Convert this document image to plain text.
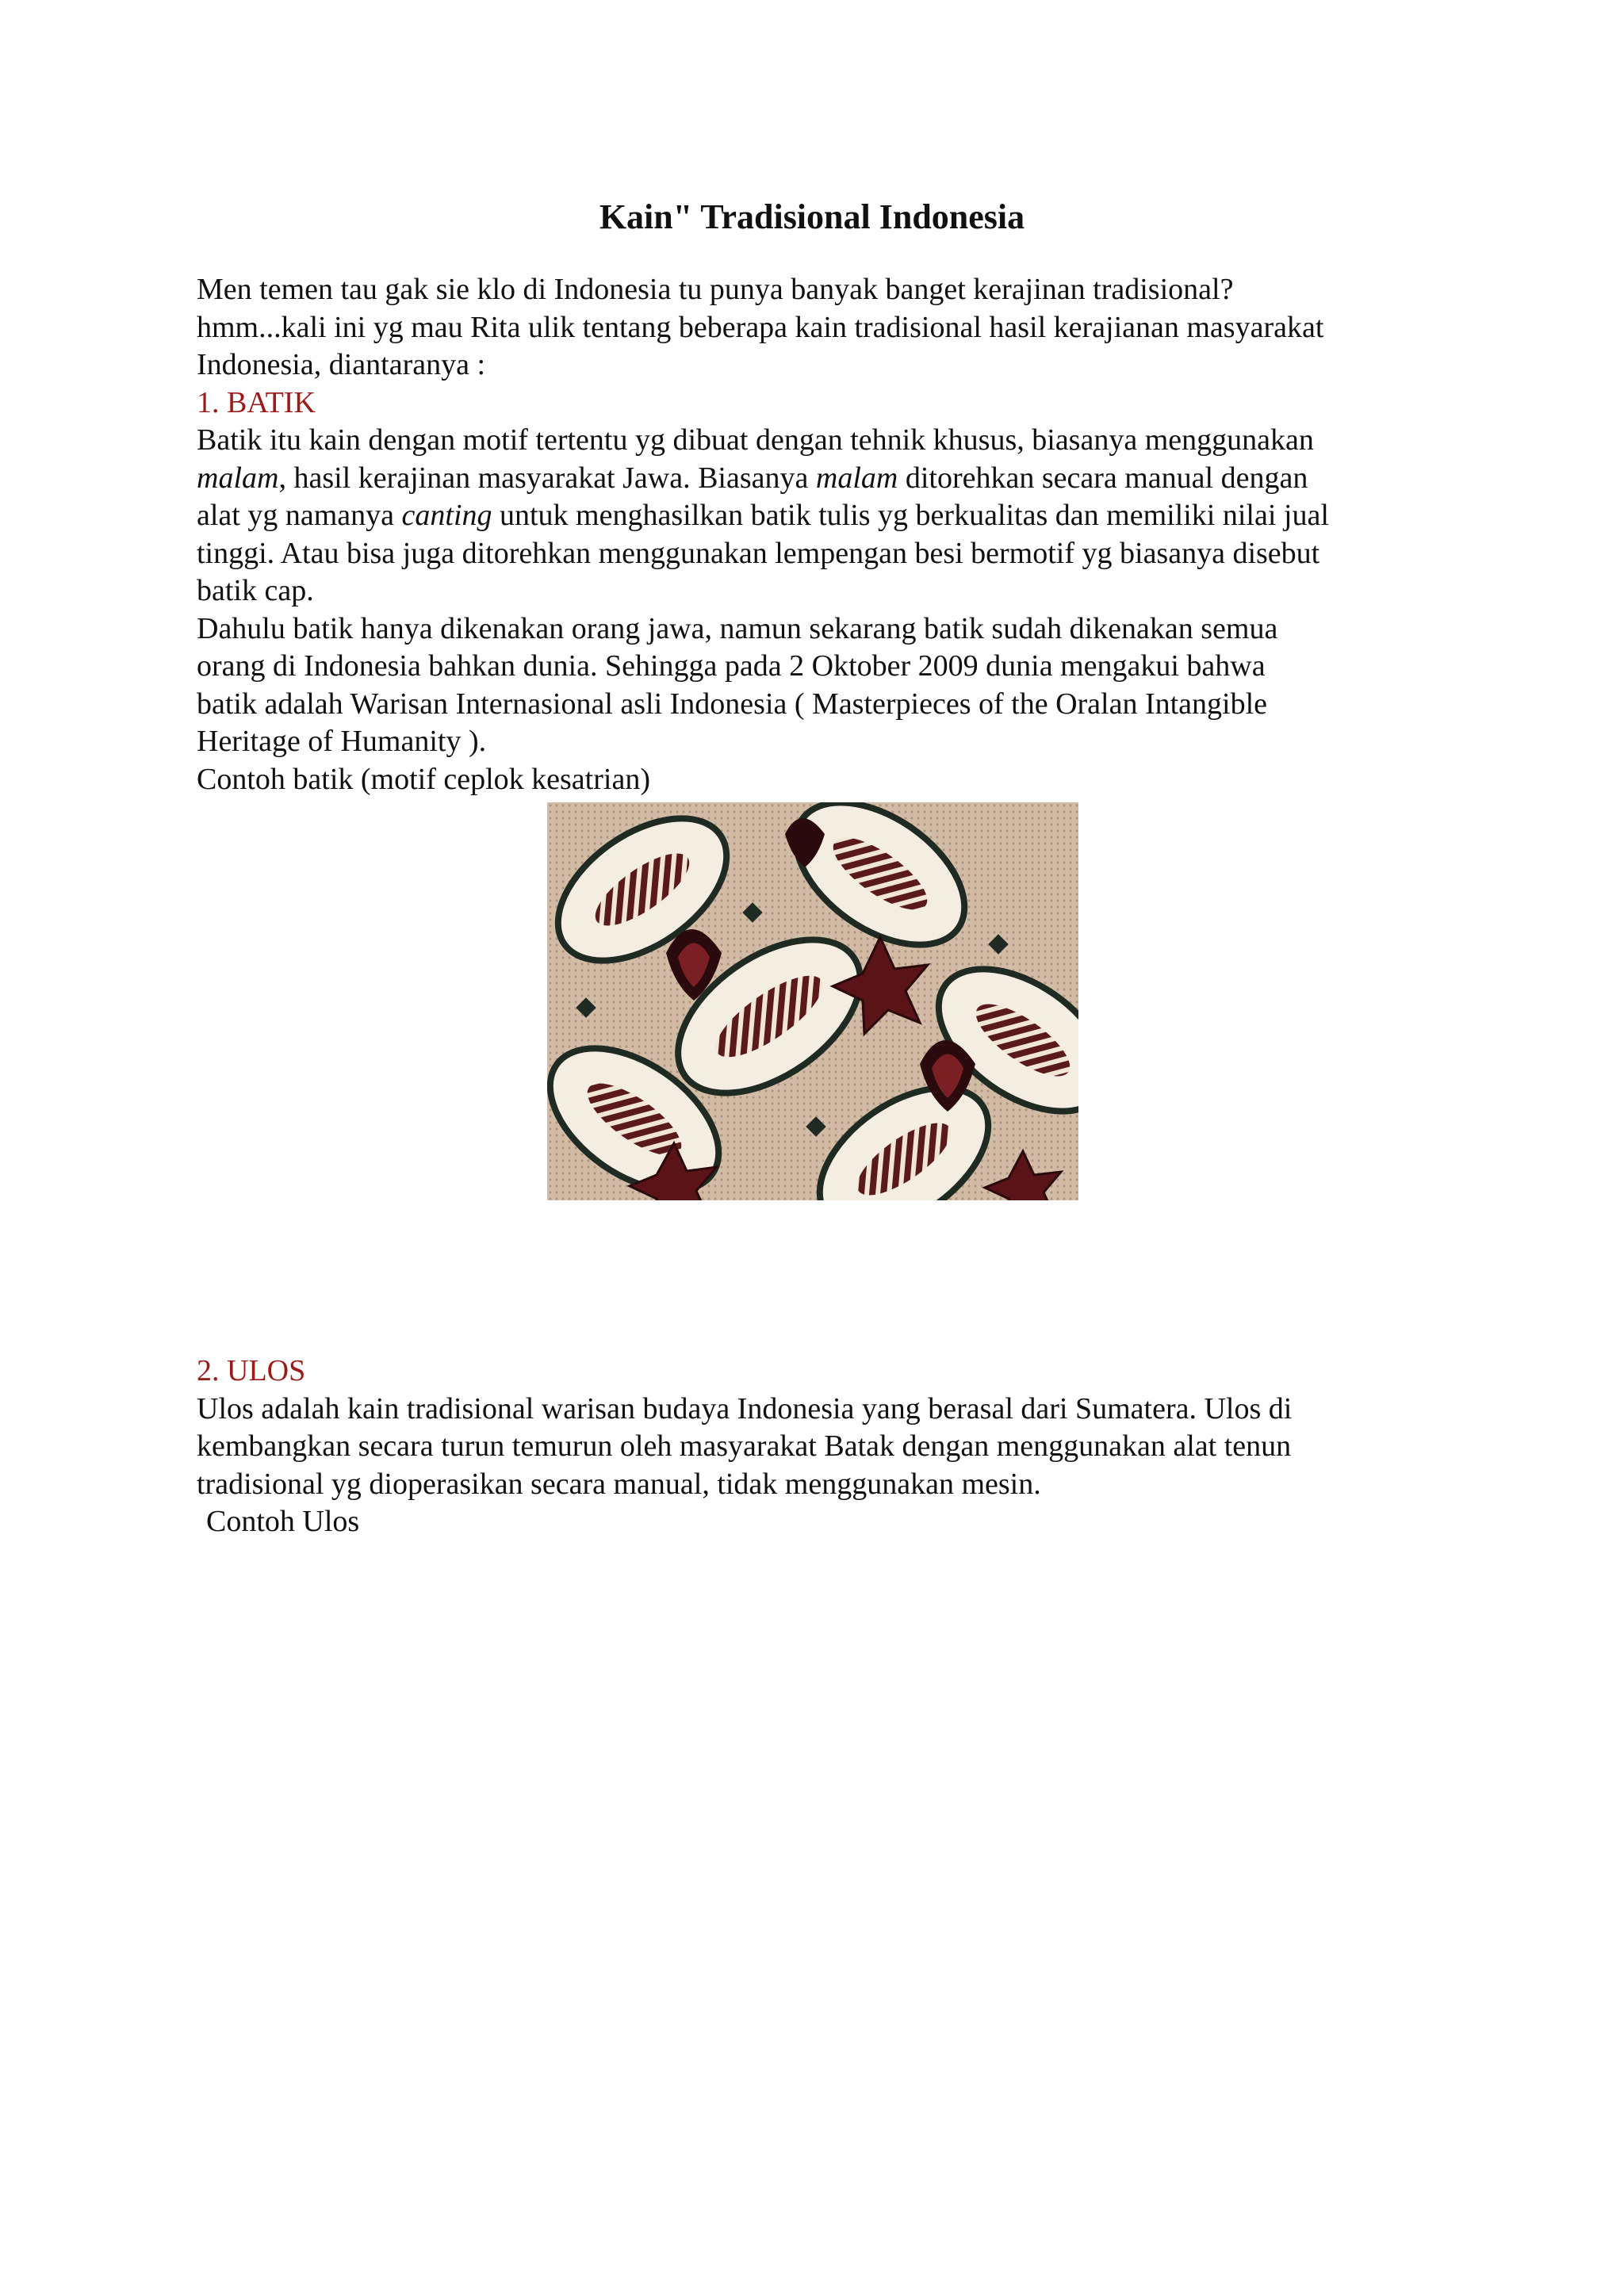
Kain" Tradisional Indonesia

Men temen tau gak sie klo di Indonesia tu punya banyak banget kerajinan tradisional?

hmm...kali ini yg mau Rita ulik tentang beberapa kain tradisional hasil kerajianan masyarakat

Indonesia, diantaranya :

1. BATIK

Batik itu kain dengan motif tertentu yg dibuat dengan tehnik khusus, biasanya menggunakan

malam, hasil kerajinan masyarakat Jawa. Biasanya malam ditorehkan secara manual dengan

alat yg namanya canting untuk menghasilkan batik tulis yg berkualitas dan memiliki nilai jual

tinggi. Atau bisa juga ditorehkan menggunakan lempengan besi bermotif yg biasanya disebut

batik cap.

Dahulu batik hanya dikenakan orang jawa, namun sekarang batik sudah dikenakan semua

orang di Indonesia bahkan dunia. Sehingga pada 2 Oktober 2009 dunia mengakui bahwa

batik adalah Warisan Internasional asli Indonesia ( Masterpieces of the Oralan Intangible

Heritage of Humanity ).

Contoh batik (motif ceplok kesatrian)

2. ULOS

Ulos adalah kain tradisional warisan budaya Indonesia yang berasal dari Sumatera. Ulos di

kembangkan secara turun temurun oleh masyarakat Batak dengan menggunakan alat tenun

tradisional yg dioperasikan secara manual, tidak menggunakan mesin.

Contoh Ulos
